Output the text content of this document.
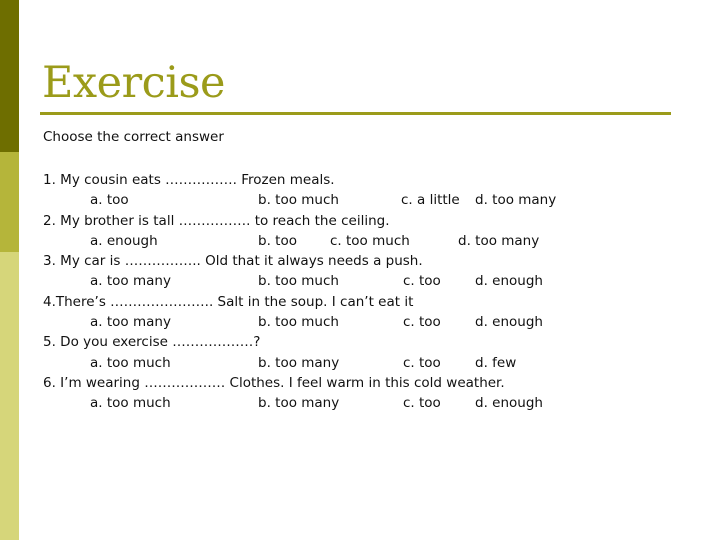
Exercise
Choose the correct answer
1. My cousin eats ……………. Frozen meals.
a. too	b. too much	c. a little d. too many
2. My brother is tall ……………. to reach the ceiling.
a. enough	b. too c. too much	d. too many
3. My car is …………….. Old that it always needs a push.
a. too many	b. too much	c. too	d. enough
4.There’s ………………….. Salt in the soup. I can’t eat it
a. too many	b. too much	c. too	d. enough
5. Do you exercise ………………?
a. too much	b. too many	c. too	d. few
6. I’m wearing ……………… Clothes. I feel warm in this cold weather.
a. too much	b. too many	c. too	d. enough
